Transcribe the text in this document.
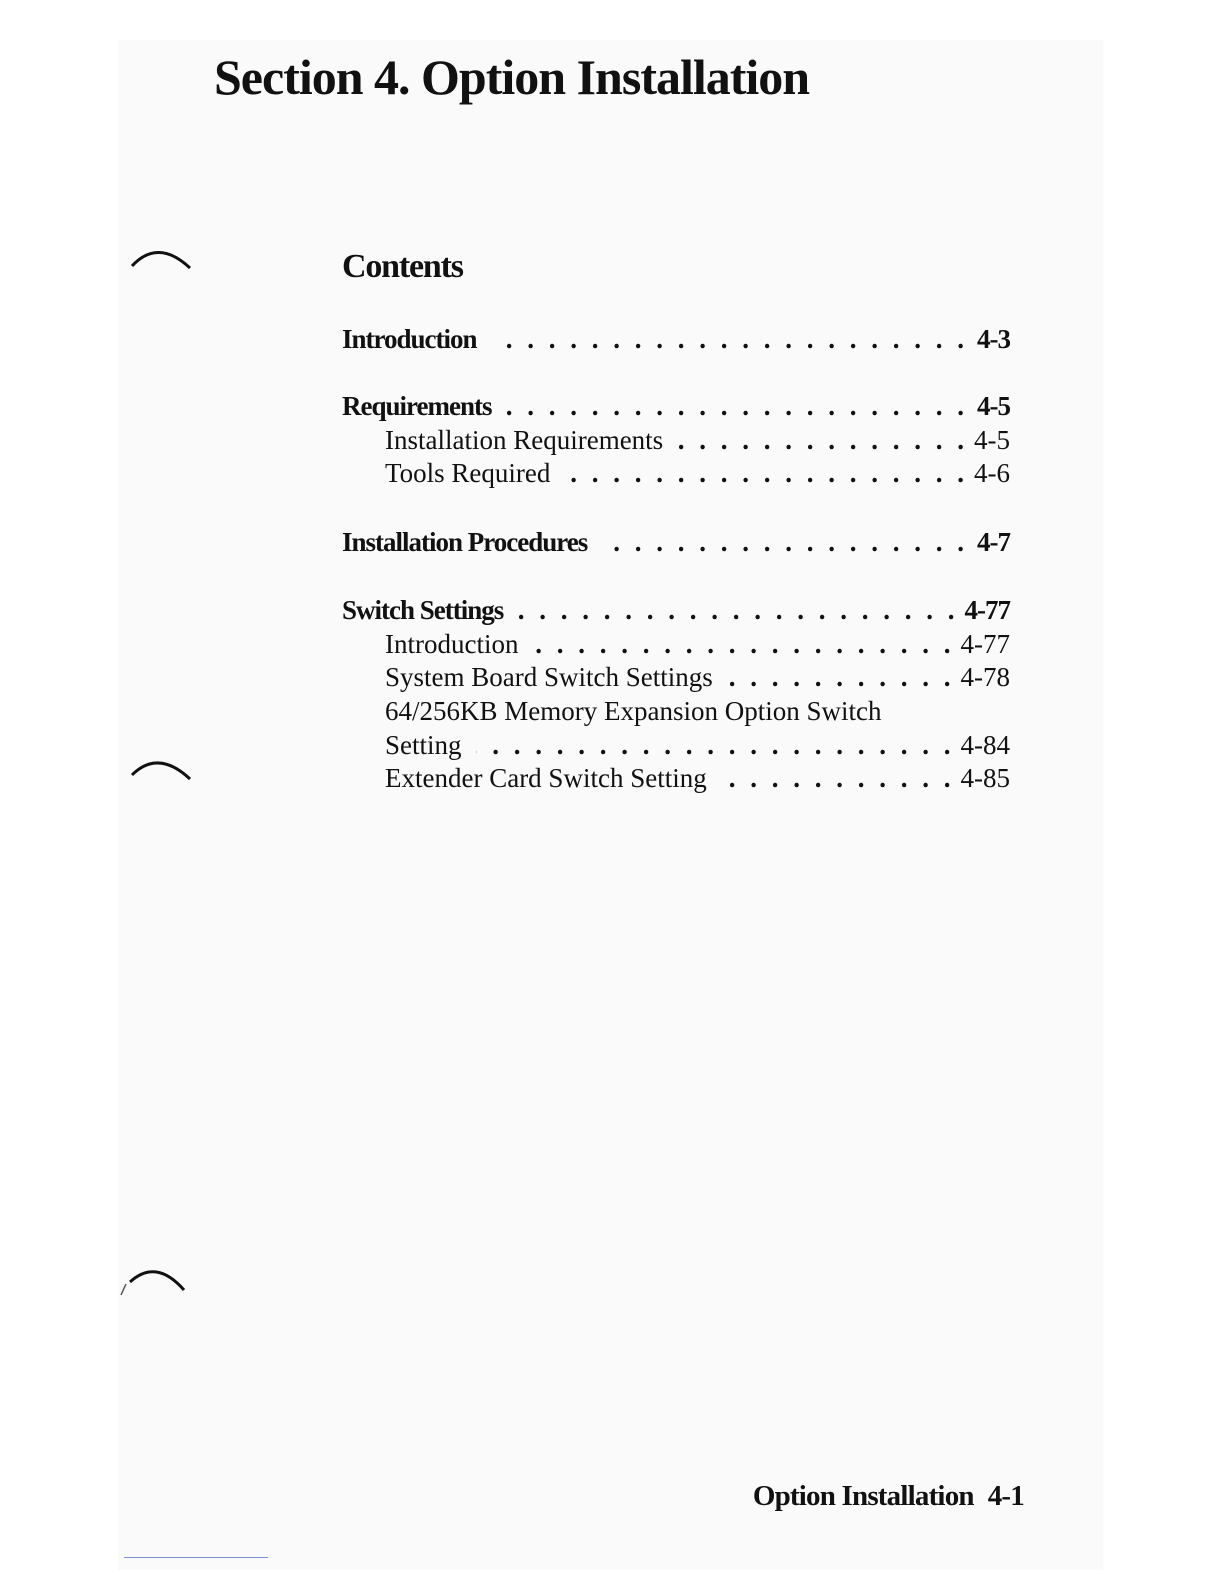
Section 4. Option Installation
Contents
Introduction . . .	4-3
Requirements . . .	4-5
Installation Requirements . . .	4-5
Tools Required . . .	4-6
Installation Procedures . . .	4-7
Switch Settings . . .	4-77
Introduction . . .	4-77
System Board Switch Settings . . .	4-78
64/256KB Memory Expansion Option Switch
Setting . . .	4-84
Extender Card Switch Setting . . .	4-85
Option Installation 4-1
